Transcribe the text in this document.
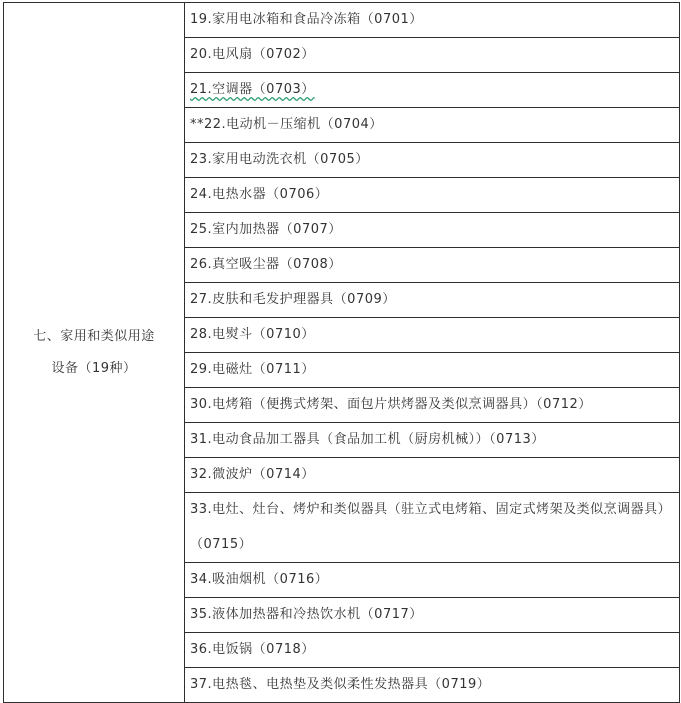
七、家用和类似用途
设备（19种）
	19.家用电冰箱和食品冷冻箱（0701）
20.电风扇（0702）
21.空调器（0703）
**22.电动机－压缩机（0704）
23.家用电动洗衣机（0705）
24.电热水器（0706）
25.室内加热器（0707）
26.真空吸尘器（0708）
27.皮肤和毛发护理器具（0709）
28.电熨斗（0710）
29.电磁灶（0711）
30.电烤箱（便携式烤架、面包片烘烤器及类似烹调器具）（0712）
31.电动食品加工器具（食品加工机（厨房机械））（0713）
32.微波炉（0714）
33.电灶、灶台、烤炉和类似器具（驻立式电烤箱、固定式烤架及类似烹调器具）（0715）
34.吸油烟机（0716）
35.液体加热器和冷热饮水机（0717）
36.电饭锅（0718）
37.电热毯、电热垫及类似柔性发热器具（0719）
